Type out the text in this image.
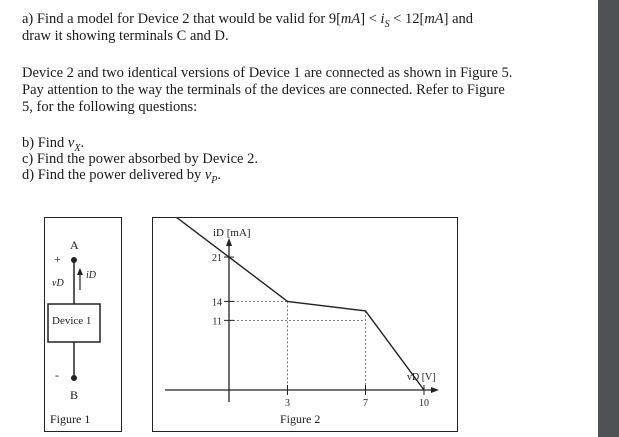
a) Find a model for Device 2 that would be valid for $9[mA] < i_S < 12[mA]$ and
draw it showing terminals C and D.
Device 2 and two identical versions of Device 1 are connected as shown in Figure 5.
Pay attention to the way the terminals of the devices are connected. Refer to Figure
5, for the following questions:
b) Find $v_X$.
c) Find the power absorbed by Device 2.
d) Find the power delivered by $v_P$.
A
+
vD
iD
Device 1
-
B
Figure 1
21
14
11
3	7	10
iD [mA]
vD [V]
Figure 2
